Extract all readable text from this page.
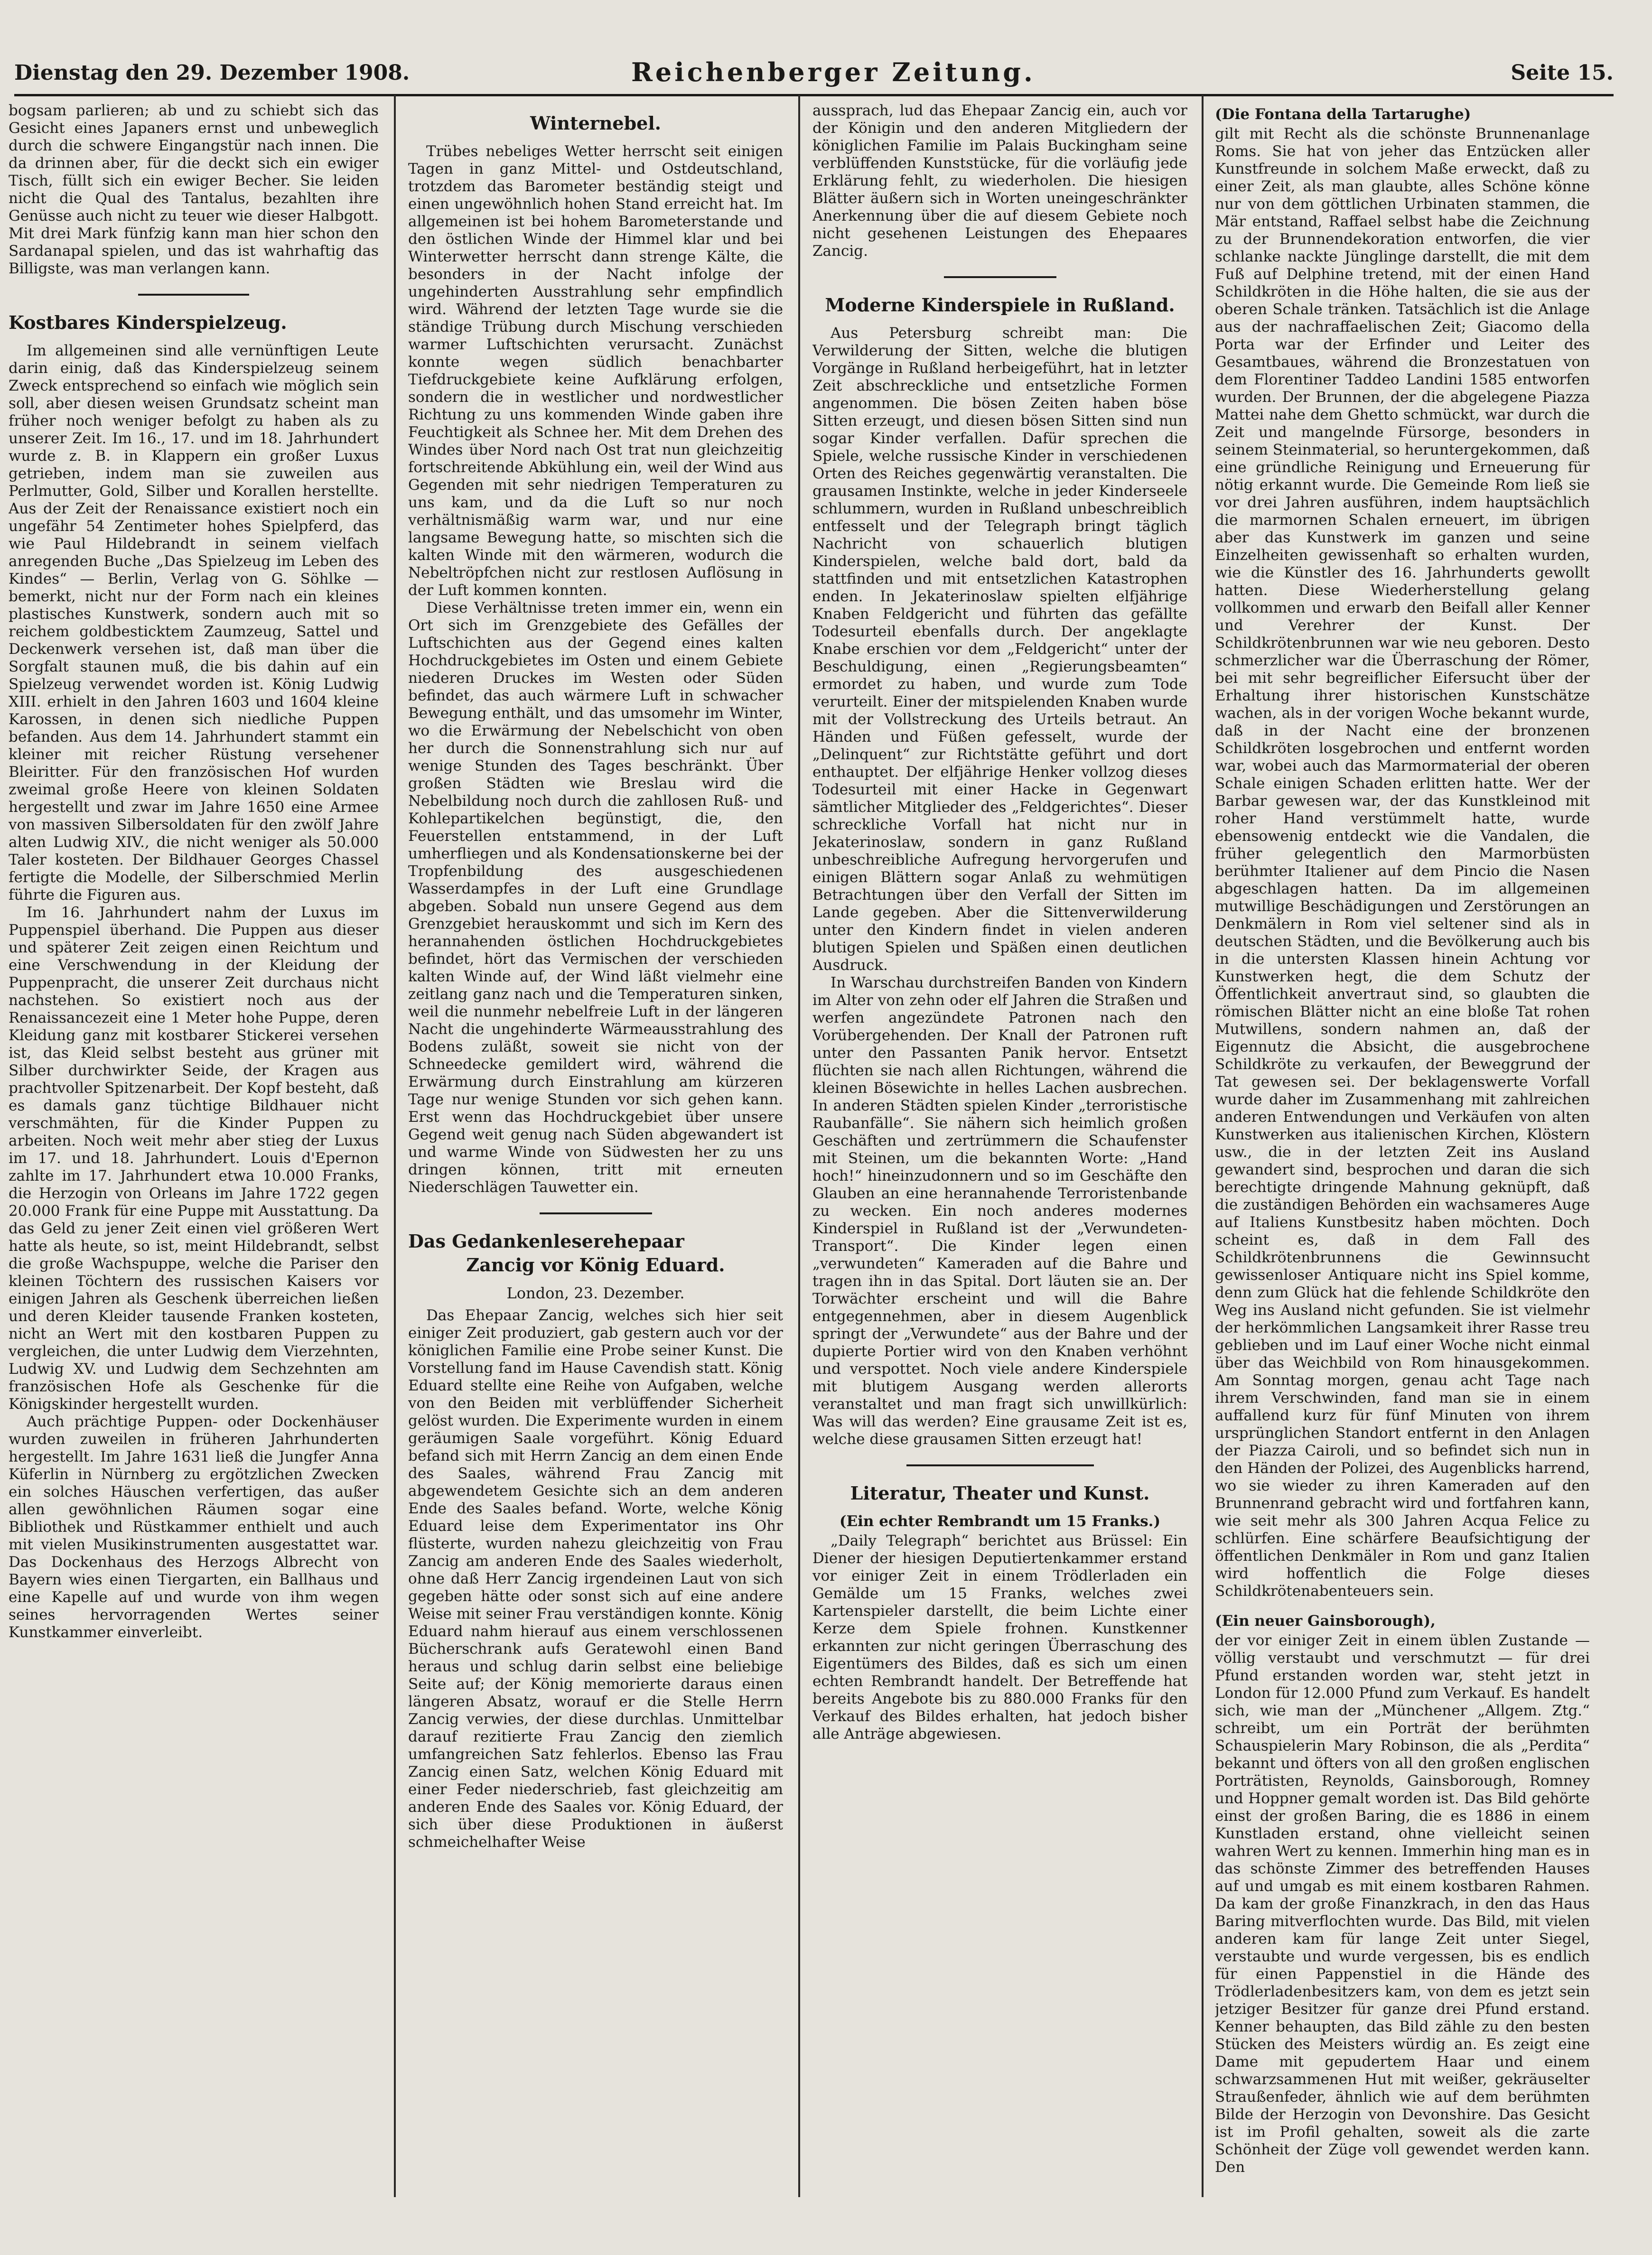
Dienstag den 29. Dezember 1908.	Reichenberger Zeitung.	Seite 15.

bogsam parlieren; ab und zu schiebt sich das Gesicht eines Japaners ernst und unbeweglich durch die schwere Eingangstür nach innen. Die da drinnen aber, für die deckt sich ein ewiger Tisch, füllt sich ein ewiger Becher. Sie leiden nicht die Qual des Tantalus, bezahlten ihre Genüsse auch nicht zu teuer wie dieser Halbgott. Mit drei Mark fünfzig kann man hier schon den Sardanapal spielen, und das ist wahrhaftig das Billigste, was man verlangen kann.

Kostbares Kinderspielzeug.

Im allgemeinen sind alle vernünftigen Leute darin einig, daß das Kinderspielzeug seinem Zweck entsprechend so einfach wie möglich sein soll, aber diesen weisen Grundsatz scheint man früher noch weniger befolgt zu haben als zu unserer Zeit. Im 16., 17. und im 18. Jahrhundert wurde z. B. in Klappern ein großer Luxus getrieben, indem man sie zuweilen aus Perlmutter, Gold, Silber und Korallen herstellte. Aus der Zeit der Renaissance existiert noch ein ungefähr 54 Zentimeter hohes Spielpferd, das wie Paul Hildebrandt in seinem vielfach anregenden Buche „Das Spielzeug im Leben des Kindes“ — Berlin, Verlag von G. Söhlke — bemerkt, nicht nur der Form nach ein kleines plastisches Kunstwerk, sondern auch mit so reichem goldbesticktem Zaumzeug, Sattel und Deckenwerk versehen ist, daß man über die Sorgfalt staunen muß, die bis dahin auf ein Spielzeug verwendet worden ist. König Ludwig XIII. erhielt in den Jahren 1603 und 1604 kleine Karossen, in denen sich niedliche Puppen befanden. Aus dem 14. Jahrhundert stammt ein kleiner mit reicher Rüstung versehener Bleiritter. Für den französischen Hof wurden zweimal große Heere von kleinen Soldaten hergestellt und zwar im Jahre 1650 eine Armee von massiven Silbersoldaten für den zwölf Jahre alten Ludwig XIV., die nicht weniger als 50.000 Taler kosteten. Der Bildhauer Georges Chassel fertigte die Modelle, der Silberschmied Merlin führte die Figuren aus.

Im 16. Jahrhundert nahm der Luxus im Puppenspiel überhand. Die Puppen aus dieser und späterer Zeit zeigen einen Reichtum und eine Verschwendung in der Kleidung der Puppenpracht, die unserer Zeit durchaus nicht nachstehen. So existiert noch aus der Renaissancezeit eine 1 Meter hohe Puppe, deren Kleidung ganz mit kostbarer Stickerei versehen ist, das Kleid selbst besteht aus grüner mit Silber durchwirkter Seide, der Kragen aus prachtvoller Spitzenarbeit. Der Kopf besteht, daß es damals ganz tüchtige Bildhauer nicht verschmähten, für die Kinder Puppen zu arbeiten. Noch weit mehr aber stieg der Luxus im 17. und 18. Jahrhundert. Louis d'Epernon zahlte im 17. Jahrhundert etwa 10.000 Franks, die Herzogin von Orleans im Jahre 1722 gegen 20.000 Frank für eine Puppe mit Ausstattung. Da das Geld zu jener Zeit einen viel größeren Wert hatte als heute, so ist, meint Hildebrandt, selbst die große Wachspuppe, welche die Pariser den kleinen Töchtern des russischen Kaisers vor einigen Jahren als Geschenk überreichen ließen und deren Kleider tausende Franken kosteten, nicht an Wert mit den kostbaren Puppen zu vergleichen, die unter Ludwig dem Vierzehnten, Ludwig XV. und Ludwig dem Sechzehnten am französischen Hofe als Geschenke für die Königskinder hergestellt wurden.

Auch prächtige Puppen- oder Dockenhäuser wurden zuweilen in früheren Jahrhunderten hergestellt. Im Jahre 1631 ließ die Jungfer Anna Küferlin in Nürnberg zu ergötzlichen Zwecken ein solches Häuschen verfertigen, das außer allen gewöhnlichen Räumen sogar eine Bibliothek und Rüstkammer enthielt und auch mit vielen Musikinstrumenten ausgestattet war. Das Dockenhaus des Herzogs Albrecht von Bayern wies einen Tiergarten, ein Ballhaus und eine Kapelle auf und wurde von ihm wegen seines hervorragenden Wertes seiner Kunstkammer einverleibt.

Winternebel.

Trübes nebeliges Wetter herrscht seit einigen Tagen in ganz Mittel- und Ostdeutschland, trotzdem das Barometer beständig steigt und einen ungewöhnlich hohen Stand erreicht hat. Im allgemeinen ist bei hohem Barometerstande und den östlichen Winde der Himmel klar und bei Winterwetter herrscht dann strenge Kälte, die besonders in der Nacht infolge der ungehinderten Ausstrahlung sehr empfindlich wird. Während der letzten Tage wurde sie die ständige Trübung durch Mischung verschieden warmer Luftschichten verursacht. Zunächst konnte wegen südlich benachbarter Tiefdruckgebiete keine Aufklärung erfolgen, sondern die in westlicher und nordwestlicher Richtung zu uns kommenden Winde gaben ihre Feuchtigkeit als Schnee her. Mit dem Drehen des Windes über Nord nach Ost trat nun gleichzeitig fortschreitende Abkühlung ein, weil der Wind aus Gegenden mit sehr niedrigen Temperaturen zu uns kam, und da die Luft so nur noch verhältnismäßig warm war, und nur eine langsame Bewegung hatte, so mischten sich die kalten Winde mit den wärmeren, wodurch die Nebeltröpfchen nicht zur restlosen Auflösung in der Luft kommen konnten.

Diese Verhältnisse treten immer ein, wenn ein Ort sich im Grenzgebiete des Gefälles der Luftschichten aus der Gegend eines kalten Hochdruckgebietes im Osten und einem Gebiete niederen Druckes im Westen oder Süden befindet, das auch wärmere Luft in schwacher Bewegung enthält, und das umsomehr im Winter, wo die Erwärmung der Nebelschicht von oben her durch die Sonnenstrahlung sich nur auf wenige Stunden des Tages beschränkt. Über großen Städten wie Breslau wird die Nebelbildung noch durch die zahllosen Ruß- und Kohlepartikelchen begünstigt, die, den Feuerstellen entstammend, in der Luft umherfliegen und als Kondensationskerne bei der Tropfenbildung des ausgeschiedenen Wasserdampfes in der Luft eine Grundlage abgeben. Sobald nun unsere Gegend aus dem Grenzgebiet herauskommt und sich im Kern des herannahenden östlichen Hochdruckgebietes befindet, hört das Vermischen der verschieden kalten Winde auf, der Wind läßt vielmehr eine zeitlang ganz nach und die Temperaturen sinken, weil die nunmehr nebelfreie Luft in der längeren Nacht die ungehinderte Wärmeausstrahlung des Bodens zuläßt, soweit sie nicht von der Schneedecke gemildert wird, während die Erwärmung durch Einstrahlung am kürzeren Tage nur wenige Stunden vor sich gehen kann. Erst wenn das Hochdruckgebiet über unsere Gegend weit genug nach Süden abgewandert ist und warme Winde von Südwesten her zu uns dringen können, tritt mit erneuten Niederschlägen Tauwetter ein.

Das Gedankenleserehepaar
Zancig vor König Eduard.
London, 23. Dezember.

Das Ehepaar Zancig, welches sich hier seit einiger Zeit produziert, gab gestern auch vor der königlichen Familie eine Probe seiner Kunst. Die Vorstellung fand im Hause Cavendish statt. König Eduard stellte eine Reihe von Aufgaben, welche von den Beiden mit verblüffender Sicherheit gelöst wurden. Die Experimente wurden in einem geräumigen Saale vorgeführt. König Eduard befand sich mit Herrn Zancig an dem einen Ende des Saales, während Frau Zancig mit abgewendetem Gesichte sich an dem anderen Ende des Saales befand. Worte, welche König Eduard leise dem Experimentator ins Ohr flüsterte, wurden nahezu gleichzeitig von Frau Zancig am anderen Ende des Saales wiederholt, ohne daß Herr Zancig irgendeinen Laut von sich gegeben hätte oder sonst sich auf eine andere Weise mit seiner Frau verständigen konnte. König Eduard nahm hierauf aus einem verschlossenen Bücherschrank aufs Geratewohl einen Band heraus und schlug darin selbst eine beliebige Seite auf; der König memorierte daraus einen längeren Absatz, worauf er die Stelle Herrn Zancig verwies, der diese durchlas. Unmittelbar darauf rezitierte Frau Zancig den ziemlich umfangreichen Satz fehlerlos. Ebenso las Frau Zancig einen Satz, welchen König Eduard mit einer Feder niederschrieb, fast gleichzeitig am anderen Ende des Saales vor. König Eduard, der sich über diese Produktionen in äußerst schmeichelhafter Weise

aussprach, lud das Ehepaar Zancig ein, auch vor der Königin und den anderen Mitgliedern der königlichen Familie im Palais Buckingham seine verblüffenden Kunststücke, für die vorläufig jede Erklärung fehlt, zu wiederholen. Die hiesigen Blätter äußern sich in Worten uneingeschränkter Anerkennung über die auf diesem Gebiete noch nicht gesehenen Leistungen des Ehepaares Zancig.

Moderne Kinderspiele in Rußland.

Aus Petersburg schreibt man: Die Verwilderung der Sitten, welche die blutigen Vorgänge in Rußland herbeigeführt, hat in letzter Zeit abschreckliche und entsetzliche Formen angenommen. Die bösen Zeiten haben böse Sitten erzeugt, und diesen bösen Sitten sind nun sogar Kinder verfallen. Dafür sprechen die Spiele, welche russische Kinder in verschiedenen Orten des Reiches gegenwärtig veranstalten. Die grausamen Instinkte, welche in jeder Kinderseele schlummern, wurden in Rußland unbeschreiblich entfesselt und der Telegraph bringt täglich Nachricht von schauerlich blutigen Kinderspielen, welche bald dort, bald da stattfinden und mit entsetzlichen Katastrophen enden. In Jekaterinoslaw spielten elfjährige Knaben Feldgericht und führten das gefällte Todesurteil ebenfalls durch. Der angeklagte Knabe erschien vor dem „Feldgericht“ unter der Beschuldigung, einen „Regierungsbeamten“ ermordet zu haben, und wurde zum Tode verurteilt. Einer der mitspielenden Knaben wurde mit der Vollstreckung des Urteils betraut. An Händen und Füßen gefesselt, wurde der „Delinquent“ zur Richtstätte geführt und dort enthauptet. Der elfjährige Henker vollzog dieses Todesurteil mit einer Hacke in Gegenwart sämtlicher Mitglieder des „Feldgerichtes“. Dieser schreckliche Vorfall hat nicht nur in Jekaterinoslaw, sondern in ganz Rußland unbeschreibliche Aufregung hervorgerufen und einigen Blättern sogar Anlaß zu wehmütigen Betrachtungen über den Verfall der Sitten im Lande gegeben. Aber die Sittenverwilderung unter den Kindern findet in vielen anderen blutigen Spielen und Späßen einen deutlichen Ausdruck.

In Warschau durchstreifen Banden von Kindern im Alter von zehn oder elf Jahren die Straßen und werfen angezündete Patronen nach den Vorübergehenden. Der Knall der Patronen ruft unter den Passanten Panik hervor. Entsetzt flüchten sie nach allen Richtungen, während die kleinen Bösewichte in helles Lachen ausbrechen. In anderen Städten spielen Kinder „terroristische Raubanfälle“. Sie nähern sich heimlich großen Geschäften und zertrümmern die Schaufenster mit Steinen, um die bekannten Worte: „Hand hoch!“ hineinzudonnern und so im Geschäfte den Glauben an eine herannahende Terroristenbande zu wecken. Ein noch anderes modernes Kinderspiel in Rußland ist der „Verwundeten-Transport“. Die Kinder legen einen „verwundeten“ Kameraden auf die Bahre und tragen ihn in das Spital. Dort läuten sie an. Der Torwächter erscheint und will die Bahre entgegennehmen, aber in diesem Augenblick springt der „Verwundete“ aus der Bahre und der dupierte Portier wird von den Knaben verhöhnt und verspottet. Noch viele andere Kinderspiele mit blutigem Ausgang werden allerorts veranstaltet und man fragt sich unwillkürlich: Was will das werden? Eine grausame Zeit ist es, welche diese grausamen Sitten erzeugt hat!

Literatur, Theater und Kunst.
(Ein echter Rembrandt um 15 Franks.)

„Daily Telegraph“ berichtet aus Brüssel: Ein Diener der hiesigen Deputiertenkammer erstand vor einiger Zeit in einem Trödlerladen ein Gemälde um 15 Franks, welches zwei Kartenspieler darstellt, die beim Lichte einer Kerze dem Spiele frohnen. Kunstkenner erkannten zur nicht geringen Überraschung des Eigentümers des Bildes, daß es sich um einen echten Rembrandt handelt. Der Betreffende hat bereits Angebote bis zu 880.000 Franks für den Verkauf des Bildes erhalten, hat jedoch bisher alle Anträge abgewiesen.

(Die Fontana della Tartarughe)

gilt mit Recht als die schönste Brunnenanlage Roms. Sie hat von jeher das Entzücken aller Kunstfreunde in solchem Maße erweckt, daß zu einer Zeit, als man glaubte, alles Schöne könne nur von dem göttlichen Urbinaten stammen, die Mär entstand, Raffael selbst habe die Zeichnung zu der Brunnendekoration entworfen, die vier schlanke nackte Jünglinge darstellt, die mit dem Fuß auf Delphine tretend, mit der einen Hand Schildkröten in die Höhe halten, die sie aus der oberen Schale tränken. Tatsächlich ist die Anlage aus der nachraffaelischen Zeit; Giacomo della Porta war der Erfinder und Leiter des Gesamtbaues, während die Bronzestatuen von dem Florentiner Taddeo Landini 1585 entworfen wurden. Der Brunnen, der die abgelegene Piazza Mattei nahe dem Ghetto schmückt, war durch die Zeit und mangelnde Fürsorge, besonders in seinem Steinmaterial, so heruntergekommen, daß eine gründliche Reinigung und Erneuerung für nötig erkannt wurde. Die Gemeinde Rom ließ sie vor drei Jahren ausführen, indem hauptsächlich die marmornen Schalen erneuert, im übrigen aber das Kunstwerk im ganzen und seine Einzelheiten gewissenhaft so erhalten wurden, wie die Künstler des 16. Jahrhunderts gewollt hatten. Diese Wiederherstellung gelang vollkommen und erwarb den Beifall aller Kenner und Verehrer der Kunst. Der Schildkrötenbrunnen war wie neu geboren. Desto schmerzlicher war die Überraschung der Römer, bei mit sehr begreiflicher Eifersucht über der Erhaltung ihrer historischen Kunstschätze wachen, als in der vorigen Woche bekannt wurde, daß in der Nacht eine der bronzenen Schildkröten losgebrochen und entfernt worden war, wobei auch das Marmormaterial der oberen Schale einigen Schaden erlitten hatte. Wer der Barbar gewesen war, der das Kunstkleinod mit roher Hand verstümmelt hatte, wurde ebensowenig entdeckt wie die Vandalen, die früher gelegentlich den Marmorbüsten berühmter Italiener auf dem Pincio die Nasen abgeschlagen hatten. Da im allgemeinen mutwillige Beschädigungen und Zerstörungen an Denkmälern in Rom viel seltener sind als in deutschen Städten, und die Bevölkerung auch bis in die untersten Klassen hinein Achtung vor Kunstwerken hegt, die dem Schutz der Öffentlichkeit anvertraut sind, so glaubten die römischen Blätter nicht an eine bloße Tat rohen Mutwillens, sondern nahmen an, daß der Eigennutz die Absicht, die ausgebrochene Schildkröte zu verkaufen, der Beweggrund der Tat gewesen sei. Der beklagenswerte Vorfall wurde daher im Zusammenhang mit zahlreichen anderen Entwendungen und Verkäufen von alten Kunstwerken aus italienischen Kirchen, Klöstern usw., die in der letzten Zeit ins Ausland gewandert sind, besprochen und daran die sich berechtigte dringende Mahnung geknüpft, daß die zuständigen Behörden ein wachsameres Auge auf Italiens Kunstbesitz haben möchten. Doch scheint es, daß in dem Fall des Schildkrötenbrunnens die Gewinnsucht gewissenloser Antiquare nicht ins Spiel komme, denn zum Glück hat die fehlende Schildkröte den Weg ins Ausland nicht gefunden. Sie ist vielmehr der herkömmlichen Langsamkeit ihrer Rasse treu geblieben und im Lauf einer Woche nicht einmal über das Weichbild von Rom hinausgekommen. Am Sonntag morgen, genau acht Tage nach ihrem Verschwinden, fand man sie in einem auffallend kurz für fünf Minuten von ihrem ursprünglichen Standort entfernt in den Anlagen der Piazza Cairoli, und so befindet sich nun in den Händen der Polizei, des Augenblicks harrend, wo sie wieder zu ihren Kameraden auf den Brunnenrand gebracht wird und fortfahren kann, wie seit mehr als 300 Jahren Acqua Felice zu schlürfen. Eine schärfere Beaufsichtigung der öffentlichen Denkmäler in Rom und ganz Italien wird hoffentlich die Folge dieses Schildkrötenabenteuers sein.

(Ein neuer Gainsborough),

der vor einiger Zeit in einem üblen Zustande — völlig verstaubt und verschmutzt — für drei Pfund erstanden worden war, steht jetzt in London für 12.000 Pfund zum Verkauf. Es handelt sich, wie man der „Münchener „Allgem. Ztg.“ schreibt, um ein Porträt der berühmten Schauspielerin Mary Robinson, die als „Perdita“ bekannt und öfters von all den großen englischen Porträtisten, Reynolds, Gainsborough, Romney und Hoppner gemalt worden ist. Das Bild gehörte einst der großen Baring, die es 1886 in einem Kunstladen erstand, ohne vielleicht seinen wahren Wert zu kennen. Immerhin hing man es in das schönste Zimmer des betreffenden Hauses auf und umgab es mit einem kostbaren Rahmen. Da kam der große Finanzkrach, in den das Haus Baring mitverflochten wurde. Das Bild, mit vielen anderen kam für lange Zeit unter Siegel, verstaubte und wurde vergessen, bis es endlich für einen Pappenstiel in die Hände des Trödlerladenbesitzers kam, von dem es jetzt sein jetziger Besitzer für ganze drei Pfund erstand. Kenner behaupten, das Bild zähle zu den besten Stücken des Meisters würdig an. Es zeigt eine Dame mit gepudertem Haar und einem schwarzsammenen Hut mit weißer, gekräuselter Straußenfeder, ähnlich wie auf dem berühmten Bilde der Herzogin von Devonshire. Das Gesicht ist im Profil gehalten, soweit als die zarte Schönheit der Züge voll gewendet werden kann. Den
